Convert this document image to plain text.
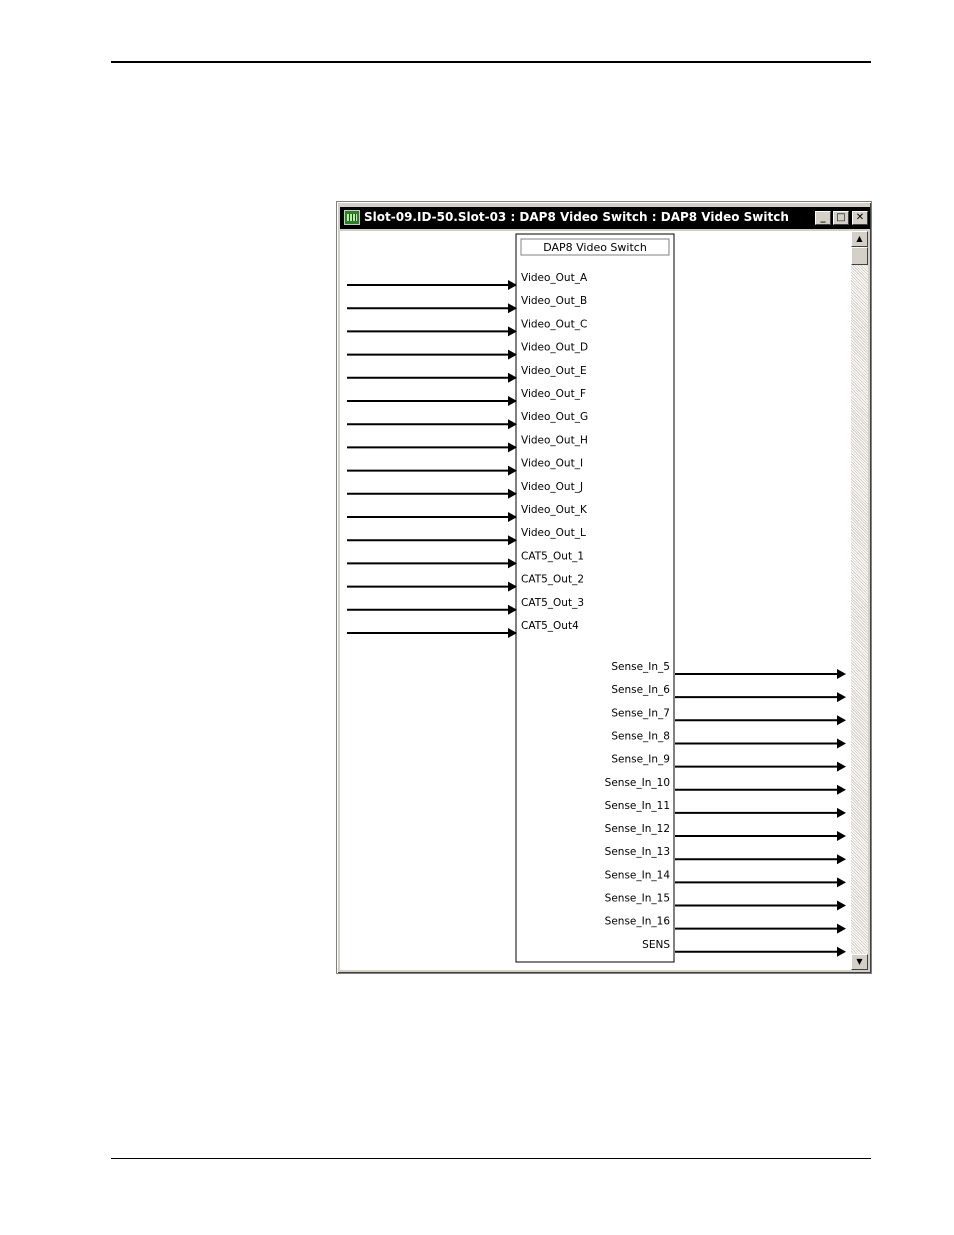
Slot-09.ID-50.Slot-03 : DAP8 Video Switch : DAP8 Video Switch	_	□	✕
▲
▼
DAP8 Video Switch
Video_Out_A
Video_Out_B
Video_Out_C
Video_Out_D
Video_Out_E
Video_Out_F
Video_Out_G
Video_Out_H
Video_Out_I
Video_Out_J
Video_Out_K
Video_Out_L
CAT5_Out_1
CAT5_Out_2
CAT5_Out_3
CAT5_Out4
Sense_In_5
Sense_In_6
Sense_In_7
Sense_In_8
Sense_In_9
Sense_In_10
Sense_In_11
Sense_In_12
Sense_In_13
Sense_In_14
Sense_In_15
Sense_In_16
SENS
